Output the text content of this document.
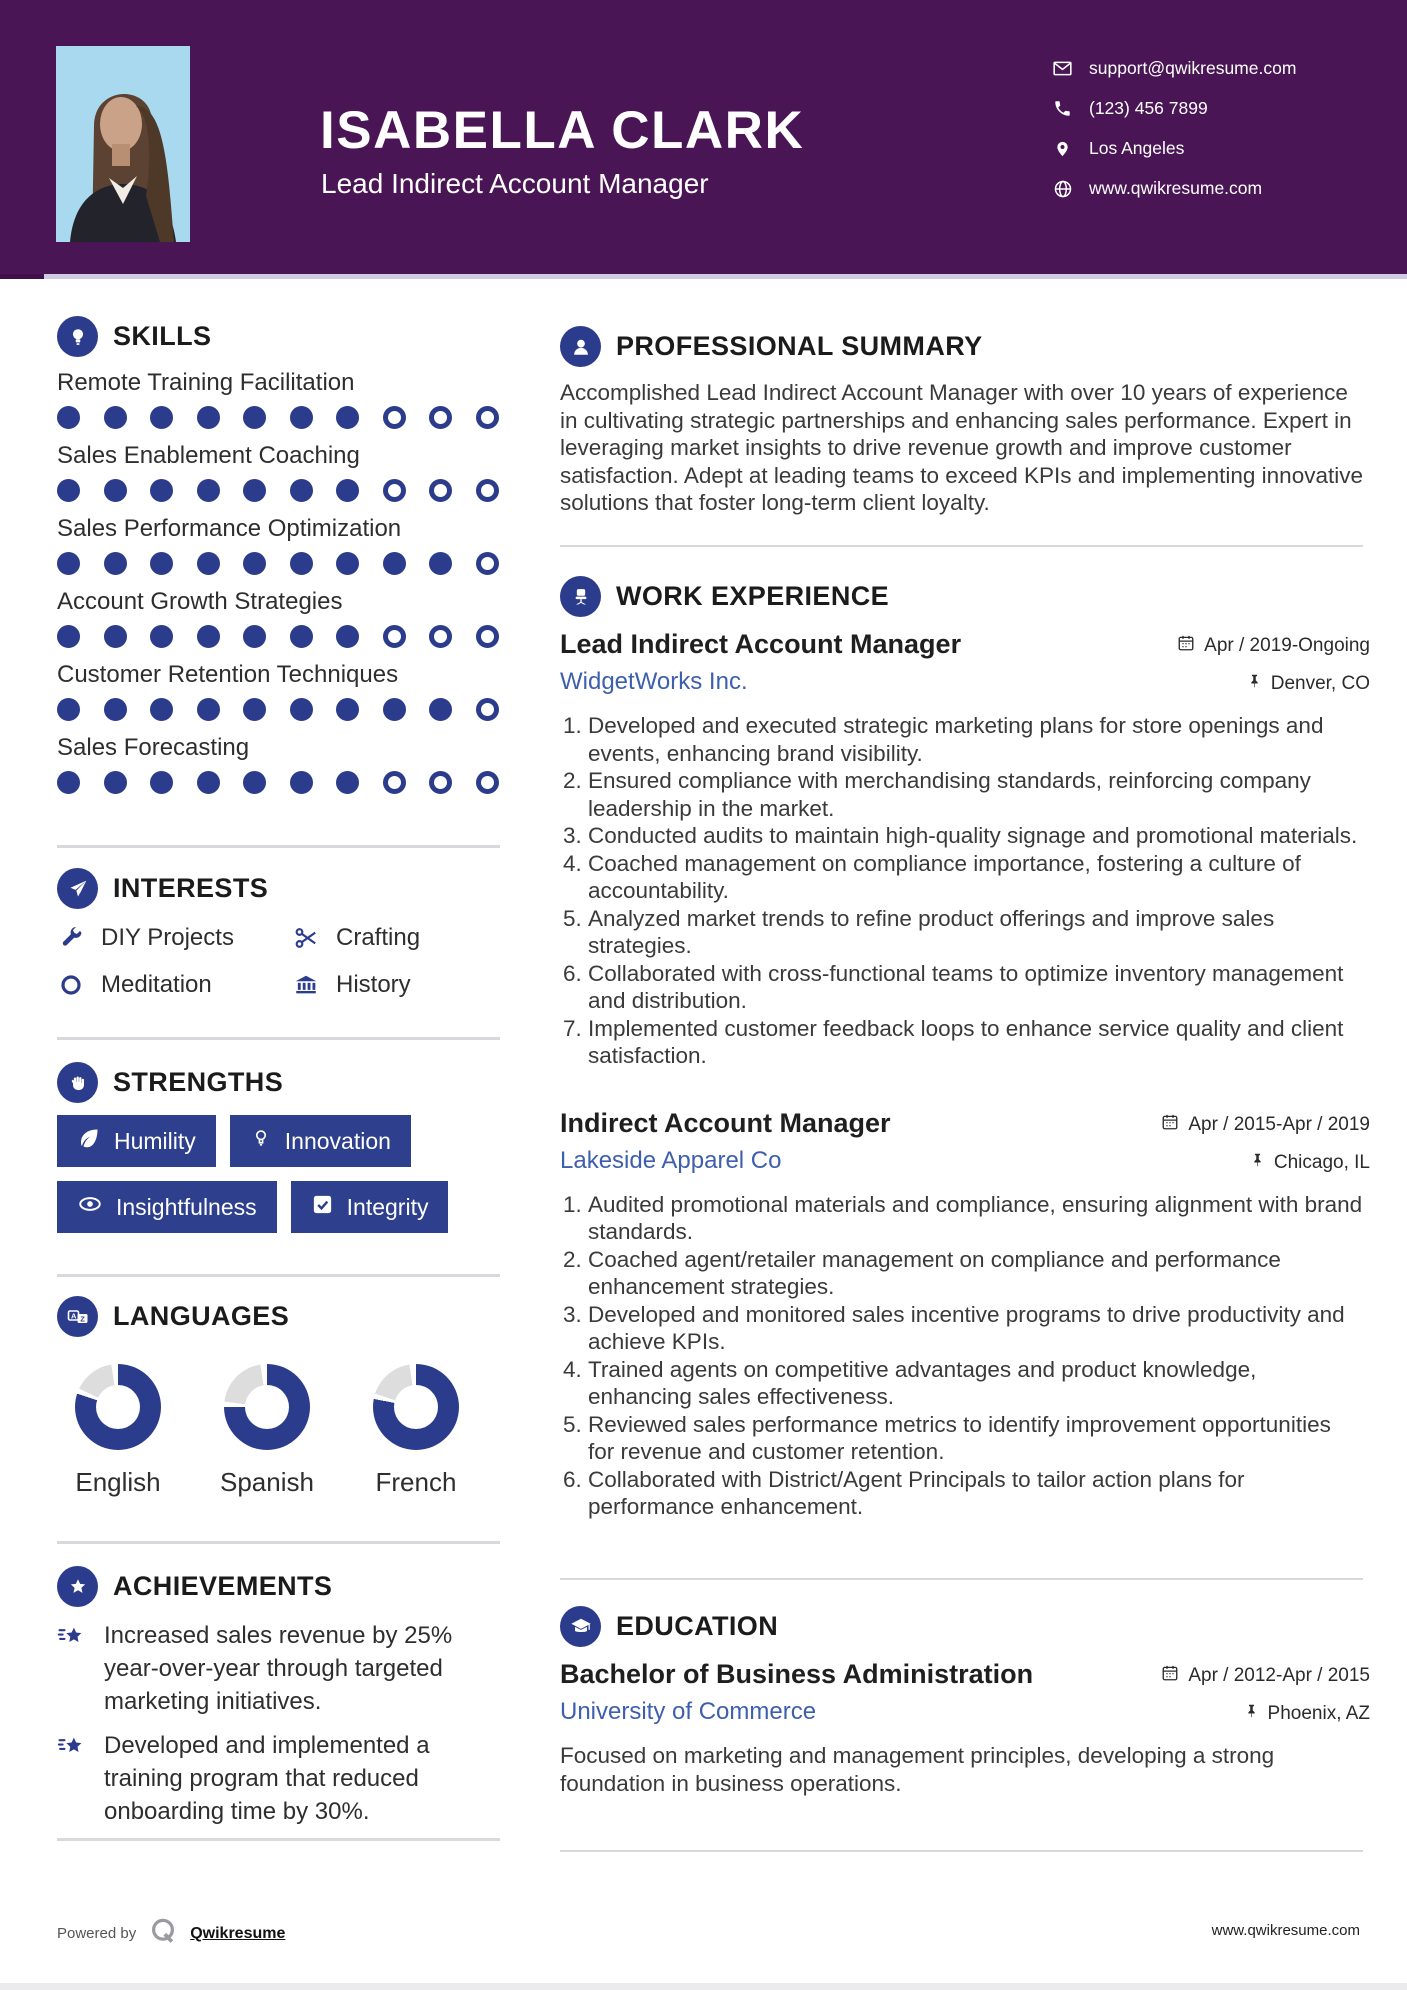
ISABELLA CLARK
Lead Indirect Account Manager
support@qwikresume.com
(123) 456 7899
Los Angeles
www.qwikresume.com
SKILLS
Remote Training Facilitation
Sales Enablement Coaching
Sales Performance Optimization
Account Growth Strategies
Customer Retention Techniques
Sales Forecasting
INTERESTS
DIY Projects	Crafting
Meditation	History
STRENGTHS
Humility	Innovation
Insightfulness	Integrity
A Z LANGUAGES
English Spanish French
ACHIEVEMENTS
Increased sales revenue by 25% year-over-year through targeted marketing initiatives.
Developed and implemented a training program that reduced onboarding time by 30%.
PROFESSIONAL SUMMARY

Accomplished Lead Indirect Account Manager with over 10 years of experience in cultivating strategic partnerships and enhancing sales performance. Expert in leveraging market insights to drive revenue growth and improve customer satisfaction. Adept at leading teams to exceed KPIs and implementing innovative solutions that foster long-term client loyalty.

WORK EXPERIENCE
Lead Indirect Account Manager
WidgetWorks Inc.
Apr / 2019-Ongoing
Denver, CO
1. Developed and executed strategic marketing plans for store openings and events, enhancing brand visibility.
2. Ensured compliance with merchandising standards, reinforcing company leadership in the market.
3. Conducted audits to maintain high-quality signage and promotional materials.
4. Coached management on compliance importance, fostering a culture of accountability.
5. Analyzed market trends to refine product offerings and improve sales strategies.
6. Collaborated with cross-functional teams to optimize inventory management and distribution.
7. Implemented customer feedback loops to enhance service quality and client satisfaction.
Indirect Account Manager
Lakeside Apparel Co
Apr / 2015-Apr / 2019
Chicago, IL
1. Audited promotional materials and compliance, ensuring alignment with brand standards.
2. Coached agent/retailer management on compliance and performance enhancement strategies.
3. Developed and monitored sales incentive programs to drive productivity and achieve KPIs.
4. Trained agents on competitive advantages and product knowledge, enhancing sales effectiveness.
5. Reviewed sales performance metrics to identify improvement opportunities for revenue and customer retention.
6. Collaborated with District/Agent Principals to tailor action plans for performance enhancement.
EDUCATION
Bachelor of Business Administration
University of Commerce
Apr / 2012-Apr / 2015
Phoenix, AZ

Focused on marketing and management principles, developing a strong foundation in business operations.

Powered by	Qwikresume	www.qwikresume.com
